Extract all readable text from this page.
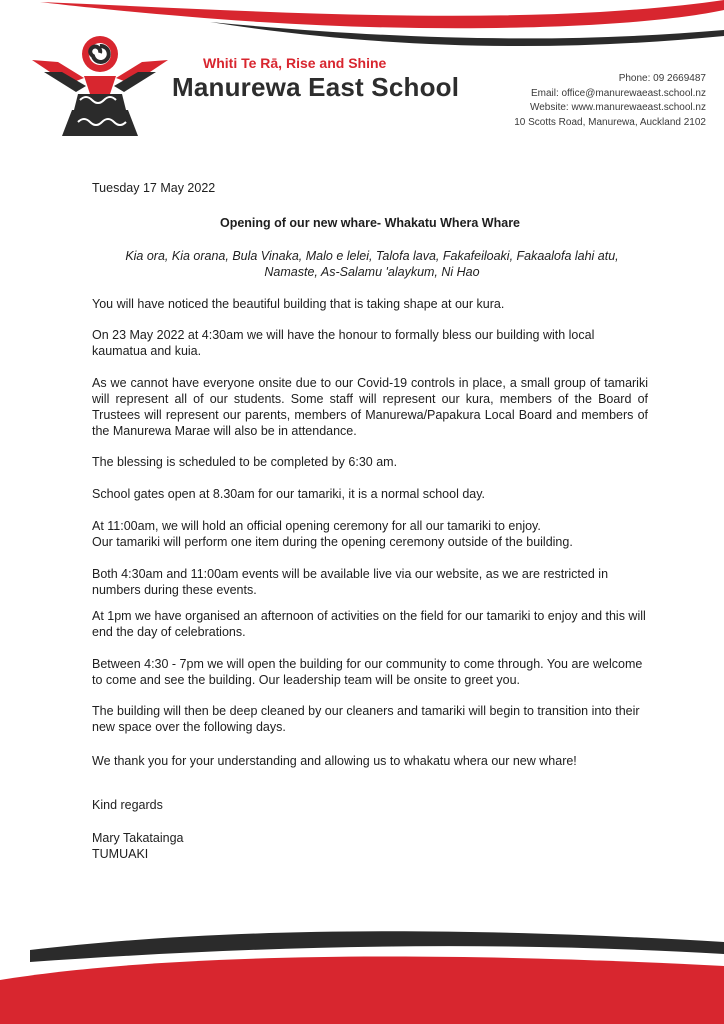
Whiti Te Rā, Rise and Shine
Manurewa East School	Phone: 09 2669487
Email: office@manurewaeast.school.nz
Website: www.manurewaeast.school.nz
10 Scotts Road, Manurewa, Auckland 2102
Tuesday 17 May 2022
Opening of our new whare- Whakatu Whera Whare
Kia ora, Kia orana, Bula Vinaka, Malo e lelei, Talofa lava, Fakafeiloaki, Fakaalofa lahi atu, Namaste, As-Salamu 'alaykum, Ni Hao
You will have noticed the beautiful building that is taking shape at our kura.
On 23 May 2022 at 4:30am we will have the honour to formally bless our building with local kaumatua and kuia.
As we cannot have everyone onsite due to our Covid-19 controls in place, a small group of tamariki will represent all of our students. Some staff will represent our kura, members of the Board of Trustees will represent our parents, members of Manurewa/Papakura Local Board and members of the Manurewa Marae will also be in attendance.
The blessing is scheduled to be completed by 6:30 am.
School gates open at 8.30am for our tamariki, it is a normal school day.
At 11:00am, we will hold an official opening ceremony for all our tamariki to enjoy.
Our tamariki will perform one item during the opening ceremony outside of the building.
Both 4:30am and 11:00am events will be available live via our website, as we are restricted in numbers during these events.
At 1pm we have organised an afternoon of activities on the field for our tamariki to enjoy and this will end the day of celebrations.
Between 4:30 - 7pm we will open the building for our community to come through. You are welcome to come and see the building. Our leadership team will be onsite to greet you.
The building will then be deep cleaned by our cleaners and tamariki will begin to transition into their new space over the following days.
We thank you for your understanding and allowing us to whakatu whera our new whare!
Kind regards
Mary Takatainga
TUMUAKI
